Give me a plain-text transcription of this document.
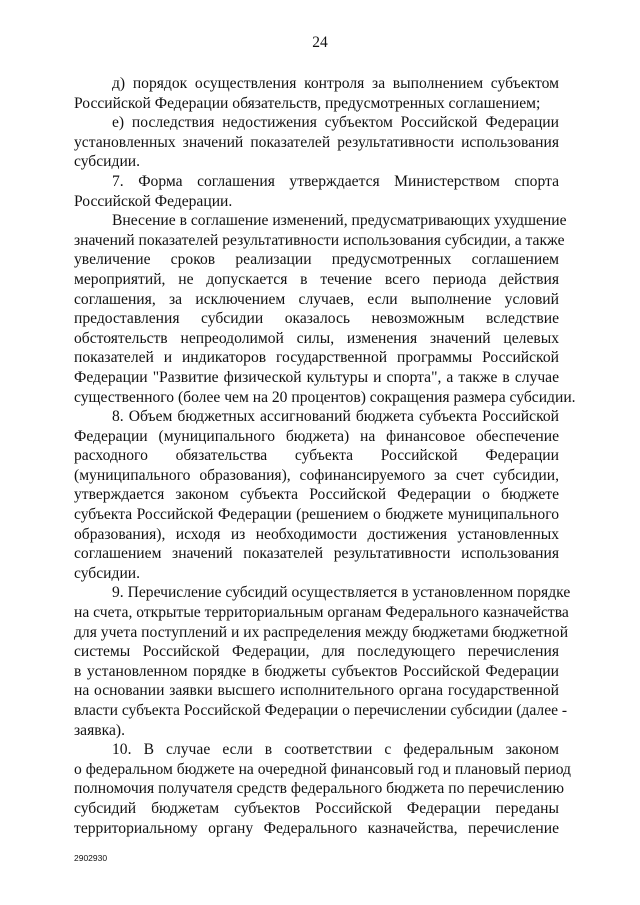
24
д) порядок осуществления контроля за выполнением субъектом
Российской Федерации обязательств, предусмотренных соглашением;
е) последствия недостижения субъектом Российской Федерации
установленных значений показателей результативности использования
субсидии.
7. Форма соглашения утверждается Министерством спорта
Российской Федерации.
Внесение в соглашение изменений, предусматривающих ухудшение
значений показателей результативности использования субсидии, а также
увеличение сроков реализации предусмотренных соглашением
мероприятий, не допускается в течение всего периода действия
соглашения, за исключением случаев, если выполнение условий
предоставления субсидии оказалось невозможным вследствие
обстоятельств непреодолимой силы, изменения значений целевых
показателей и индикаторов государственной программы Российской
Федерации "Развитие физической культуры и спорта", а также в случае
существенного (более чем на 20 процентов) сокращения размера субсидии.
8. Объем бюджетных ассигнований бюджета субъекта Российской
Федерации (муниципального бюджета) на финансовое обеспечение
расходного обязательства субъекта Российской Федерации
(муниципального образования), софинансируемого за счет субсидии,
утверждается законом субъекта Российской Федерации о бюджете
субъекта Российской Федерации (решением о бюджете муниципального
образования), исходя из необходимости достижения установленных
соглашением значений показателей результативности использования
субсидии.
9. Перечисление субсидий осуществляется в установленном порядке
на счета, открытые территориальным органам Федерального казначейства
для учета поступлений и их распределения между бюджетами бюджетной
системы Российской Федерации, для последующего перечисления
в установленном порядке в бюджеты субъектов Российской Федерации
на основании заявки высшего исполнительного органа государственной
власти субъекта Российской Федерации о перечислении субсидии (далее -
заявка).
10. В случае если в соответствии с федеральным законом
о федеральном бюджете на очередной финансовый год и плановый период
полномочия получателя средств федерального бюджета по перечислению
субсидий бюджетам субъектов Российской Федерации переданы
территориальному органу Федерального казначейства, перечисление
2902930
